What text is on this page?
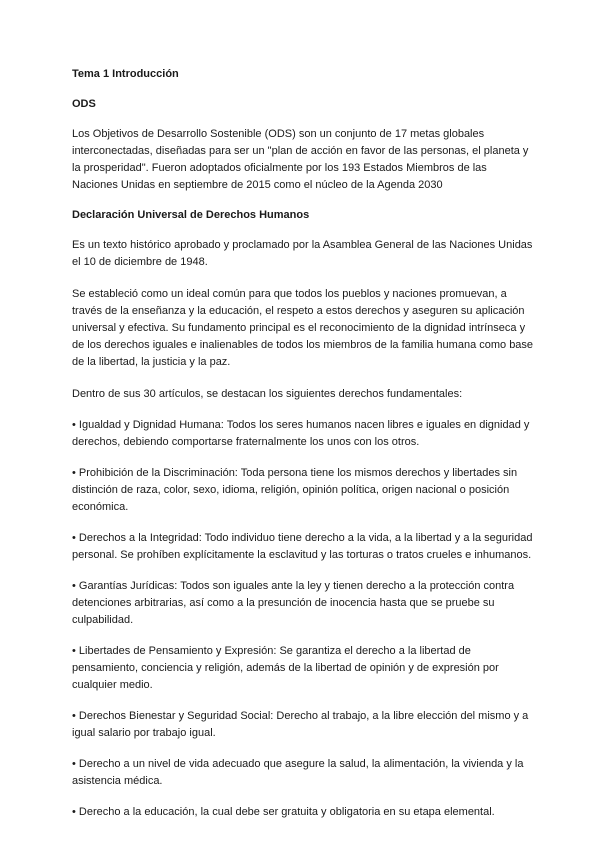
Tema 1 Introducción

ODS

Los Objetivos de Desarrollo Sostenible (ODS) son un conjunto de 17 metas globales interconectadas, diseñadas para ser un "plan de acción en favor de las personas, el planeta y la prosperidad". Fueron adoptados oficialmente por los 193 Estados Miembros de las Naciones Unidas en septiembre de 2015 como el núcleo de la Agenda 2030

Declaración Universal de Derechos Humanos

Es un texto histórico aprobado y proclamado por la Asamblea General de las Naciones Unidas el 10 de diciembre de 1948.

Se estableció como un ideal común para que todos los pueblos y naciones promuevan, a través de la enseñanza y la educación, el respeto a estos derechos y aseguren su aplicación universal y efectiva. Su fundamento principal es el reconocimiento de la dignidad intrínseca y de los derechos iguales e inalienables de todos los miembros de la familia humana como base de la libertad, la justicia y la paz.

Dentro de sus 30 artículos, se destacan los siguientes derechos fundamentales:

• Igualdad y Dignidad Humana: Todos los seres humanos nacen libres e iguales en dignidad y derechos, debiendo comportarse fraternalmente los unos con los otros.

• Prohibición de la Discriminación: Toda persona tiene los mismos derechos y libertades sin distinción de raza, color, sexo, idioma, religión, opinión política, origen nacional o posición económica.

• Derechos a la Integridad: Todo individuo tiene derecho a la vida, a la libertad y a la seguridad personal. Se prohíben explícitamente la esclavitud y las torturas o tratos crueles e inhumanos.

• Garantías Jurídicas: Todos son iguales ante la ley y tienen derecho a la protección contra detenciones arbitrarias, así como a la presunción de inocencia hasta que se pruebe su culpabilidad.

• Libertades de Pensamiento y Expresión: Se garantiza el derecho a la libertad de pensamiento, conciencia y religión, además de la libertad de opinión y de expresión por cualquier medio.

• Derechos Bienestar y Seguridad Social: Derecho al trabajo, a la libre elección del mismo y a igual salario por trabajo igual.

• Derecho a un nivel de vida adecuado que asegure la salud, la alimentación, la vivienda y la asistencia médica.

• Derecho a la educación, la cual debe ser gratuita y obligatoria en su etapa elemental.
